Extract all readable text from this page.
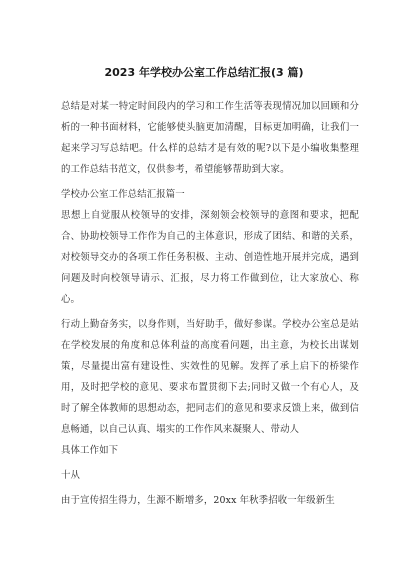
2023 年学校办公室工作总结汇报(3 篇)

总结是对某一特定时间段内的学习和工作生活等表现情况加以回顾和分析的一种书面材料，它能够使头脑更加清醒，目标更加明确，让我们一起来学习写总结吧。什么样的总结才是有效的呢?以下是小编收集整理的工作总结书范文，仅供参考，希望能够帮助到大家。

学校办公室工作总结汇报篇一

思想上自觉服从校领导的安排，深刻领会校领导的意图和要求，把配合、协助校领导工作作为自己的主体意识，形成了团结、和谐的关系，对校领导交办的各项工作任务积极、主动、创造性地开展并完成，遇到问题及时向校领导请示、汇报，尽力将工作做到位，让大家放心、称心。

行动上勤奋务实，以身作则，当好助手，做好参谋。学校办公室总是站在学校发展的角度和总体利益的高度看问题，出主意，为校长出谋划策，尽量提出富有建设性、实效性的见解。发挥了承上启下的桥梁作用，及时把学校的意见、要求布置贯彻下去;同时又做一个有心人，及时了解全体教师的思想动态，把同志们的意见和要求反馈上来，做到信息畅通，以自己认真、塌实的工作作风来凝聚人、带动人

具体工作如下

十从

由于宣传招生得力，生源不断增多，20xx 年秋季招收一年级新生
